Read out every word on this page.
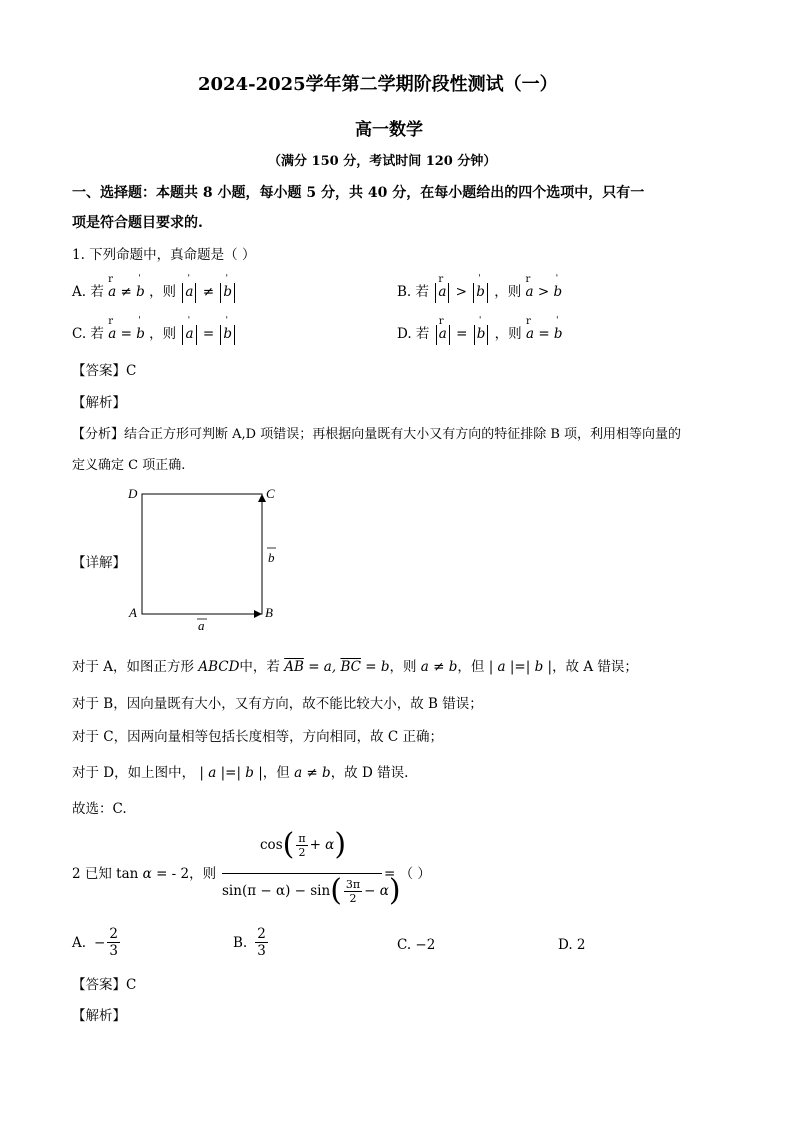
2024-2025学年第二学期阶段性测试（一）
高一数学
（满分 150 分，考试时间 120 分钟）
一、选择题：本题共 8 小题，每小题 5 分，共 40 分，在每小题给出的四个选项中，只有一
项是符合题目要求的.
1. 下列命题中，真命题是（ ）
A. 若 r a ≠ ˈ b ，则 ˈ a ≠ ˈ b	B. 若 r a > ˈ b ，则 r a > ˈ b
C. 若 r a = ˈ b ，则 ˈ a = ˈ b	D. 若 r a = ˈ b ，则 r a = ˈ b
【答案】C
【解析】
【分析】结合正方形可判断 A,D 项错误；再根据向量既有大小又有方向的特征排除 B 项，利用相等向量的
定义确定 C 项正确.
【详解】
D	C
A	B
b
a
对于 A，如图正方形 ABCD中，若 $\overline{AB} = a$, $\overline{BC} = b$，则 a ≠ b，但 | a |=| b |，故 A 错误；
对于 B，因向量既有大小，又有方向，故不能比较大小，故 B 错误；
对于 C，因两向量相等包括长度相等，方向相同，故 C 正确；
对于 D，如上图中， | a |=| b |，但 a ≠ b，故 D 错误.
故选：C.
2 已知 tan α = - 2，则
cos ( $\frac{\pi}{2} + \alpha$ )
sin(π − α) − sin ( $\frac{3\pi}{2} - \alpha$ )
= （ ）
A. − $\frac{2}{3}$	B. $\frac{2}{3}$	C. −2	D. 2
【答案】C
【解析】
